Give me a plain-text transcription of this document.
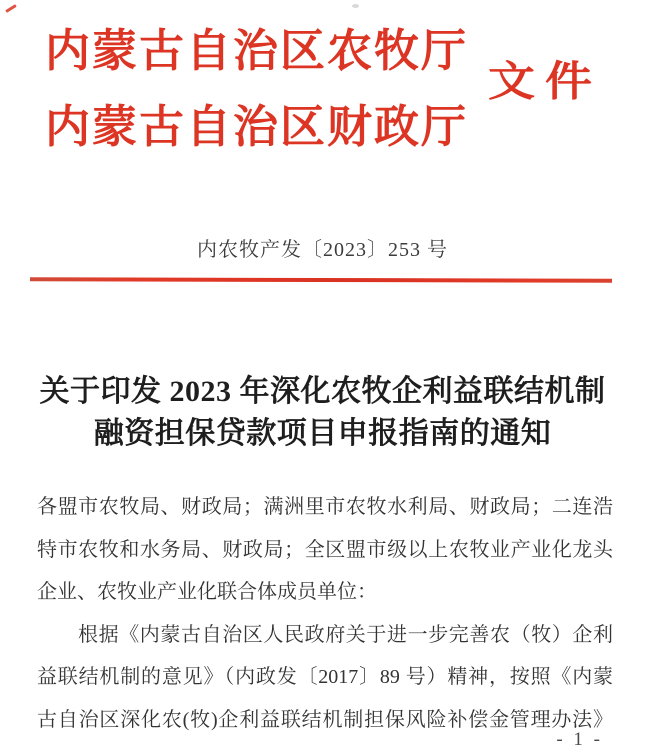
内蒙古自治区农牧厅
内蒙古自治区财政厅
文件
内农牧产发〔2023〕253 号
关于印发 2023 年深化农牧企利益联结机制
融资担保贷款项目申报指南的通知
各盟市农牧局、财政局；满洲里市农牧水利局、财政局；二连浩
特市农牧和水务局、财政局；全区盟市级以上农牧业产业化龙头
企业、农牧业产业化联合体成员单位：
根据《内蒙古自治区人民政府关于进一步完善农（牧）企利
益联结机制的意见》（内政发〔2017〕89 号）精神，按照《内蒙
古自治区深化农(牧)企利益联结机制担保风险补偿金管理办法》
- 1 -
